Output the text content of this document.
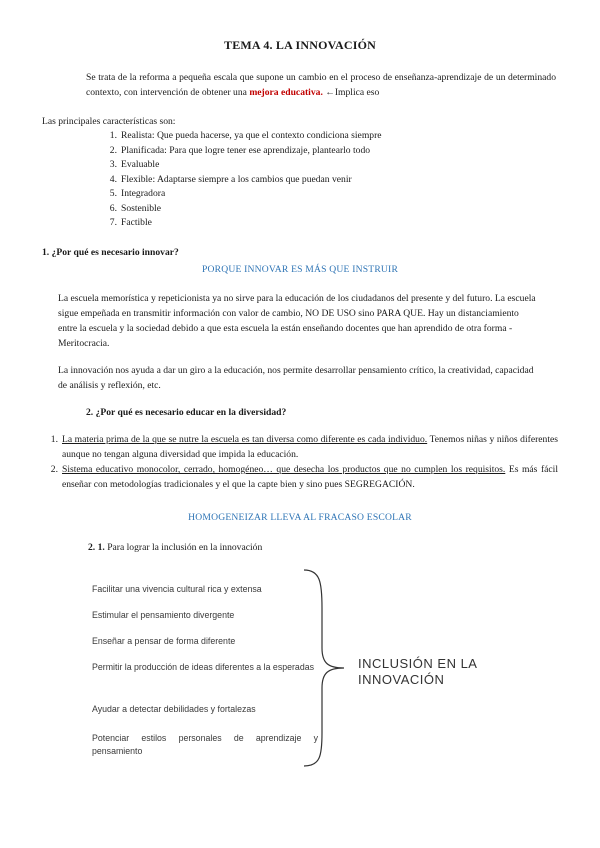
TEMA 4. LA INNOVACIÓN
Se trata de la reforma a pequeña escala que supone un cambio en el proceso de enseñanza-aprendizaje de un determinado contexto, con intervención de obtener una mejora educativa. ←Implica eso
Las principales características son:
1. Realista: Que pueda hacerse, ya que el contexto condiciona siempre
2. Planificada: Para que logre tener ese aprendizaje, plantearlo todo
3. Evaluable
4. Flexible: Adaptarse siempre a los cambios que puedan venir
5. Integradora
6. Sostenible
7. Factible
1. ¿Por qué es necesario innovar?
PORQUE INNOVAR ES MÁS QUE INSTRUIR
La escuela memorística y repeticionista ya no sirve para la educación de los ciudadanos del presente y del futuro. La escuela sigue empeñada en transmitir información con valor de cambio, NO DE USO sino PARA QUE. Hay un distanciamiento entre la escuela y la sociedad debido a que esta escuela la están enseñando docentes que han aprendido de otra forma - Meritocracia.
La innovación nos ayuda a dar un giro a la educación, nos permite desarrollar pensamiento crítico, la creatividad, capacidad de análisis y reflexión, etc.
2. ¿Por qué es necesario educar en la diversidad?
1. La materia prima de la que se nutre la escuela es tan diversa como diferente es cada individuo. Tenemos niñas y niños diferentes aunque no tengan alguna diversidad que impida la educación.
2. Sistema educativo monocolor, cerrado, homogéneo… que desecha los productos que no cumplen los requisitos. Es más fácil enseñar con metodologías tradicionales y el que la capte bien y sino pues SEGREGACIÓN.
HOMOGENEIZAR LLEVA AL FRACASO ESCOLAR
2. 1. Para lograr la inclusión en la innovación
Facilitar una vivencia cultural rica y extensa
Estimular el pensamiento divergente
Enseñar a pensar de forma diferente
Permitir la producción de ideas diferentes a la esperadas
Ayudar a detectar debilidades y fortalezas
Potenciar estilos personales de aprendizaje y pensamiento
INCLUSIÓN EN LA
INNOVACIÓN
